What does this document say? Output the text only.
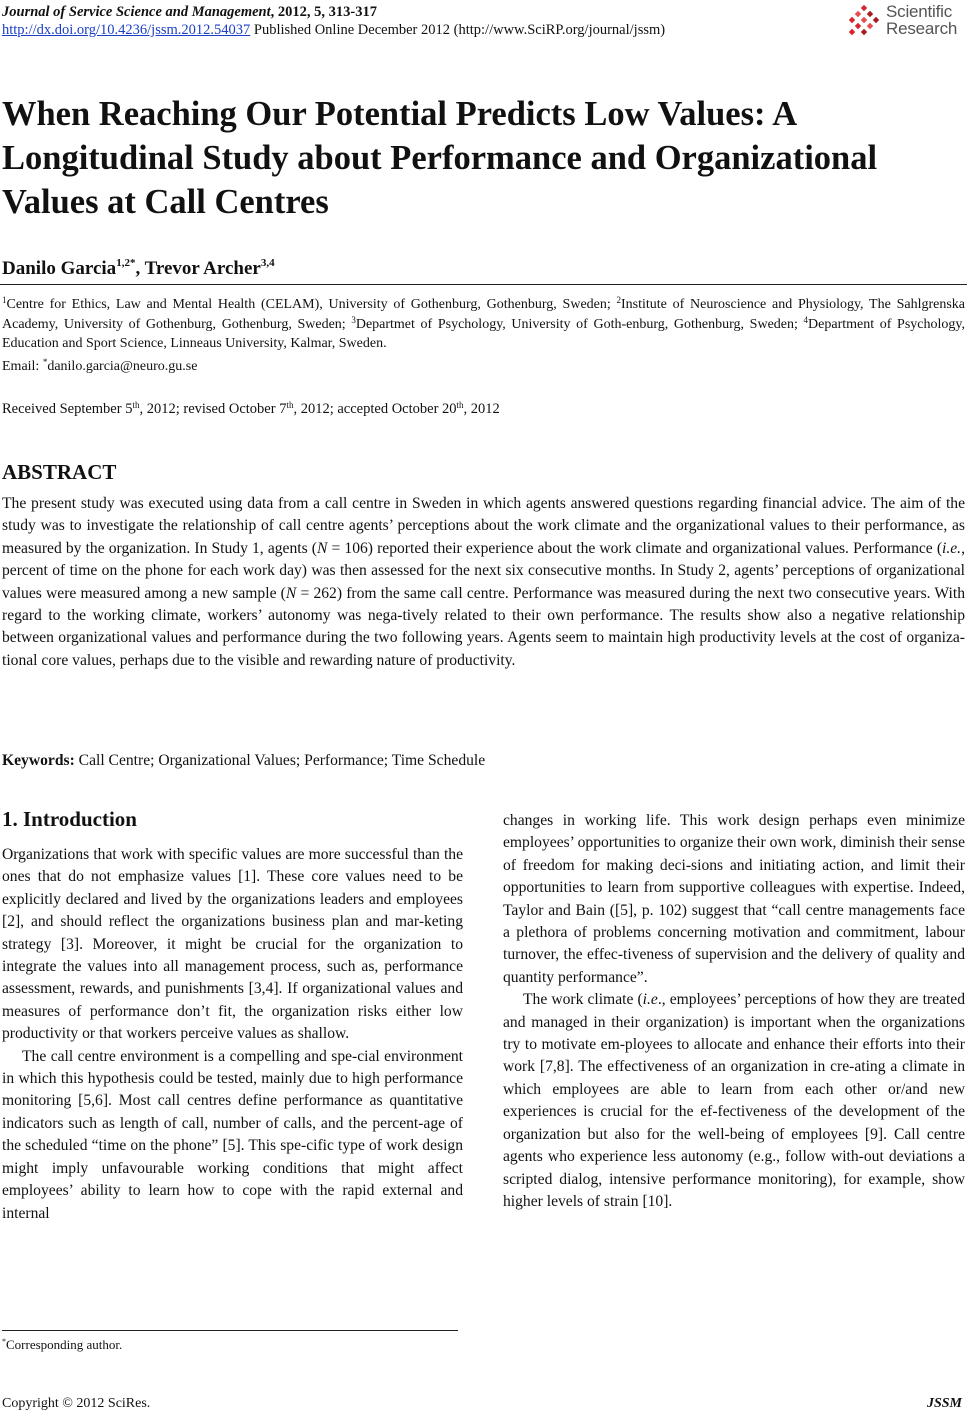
Journal of Service Science and Management, 2012, 5, 313-317
http://dx.doi.org/10.4236/jssm.2012.54037 Published Online December 2012 (http://www.SciRP.org/journal/jssm)
Scientific
Research
When Reaching Our Potential Predicts Low Values: A Longitudinal Study about Performance and Organizational Values at Call Centres
Danilo Garcia$^{1,2*}$, Trevor Archer$^{3,4}$
$^1$Centre for Ethics, Law and Mental Health (CELAM), University of Gothenburg, Gothenburg, Sweden; $^2$Institute of Neuroscience and Physiology, The Sahlgrenska Academy, University of Gothenburg, Gothenburg, Sweden; $^3$Departmet of Psychology, University of Goth-enburg, Gothenburg, Sweden; $^4$Department of Psychology, Education and Sport Science, Linneaus University, Kalmar, Sweden.
Email: *danilo.garcia@neuro.gu.se
Received September 5th, 2012; revised October 7th, 2012; accepted October 20th, 2012
ABSTRACT
The present study was executed using data from a call centre in Sweden in which agents answered questions regarding financial advice. The aim of the study was to investigate the relationship of call centre agents’ perceptions about the work climate and the organizational values to their performance, as measured by the organization. In Study 1, agents (N = 106) reported their experience about the work climate and organizational values. Performance (i.e., percent of time on the phone for each work day) was then assessed for the next six consecutive months. In Study 2, agents’ perceptions of organizational values were measured among a new sample (N = 262) from the same call centre. Performance was measured during the next two consecutive years. With regard to the working climate, workers’ autonomy was nega-tively related to their own performance. The results show also a negative relationship between organizational values and performance during the two following years. Agents seem to maintain high productivity levels at the cost of organiza-tional core values, perhaps due to the visible and rewarding nature of productivity.
Keywords: Call Centre; Organizational Values; Performance; Time Schedule
1. Introduction

Organizations that work with specific values are more successful than the ones that do not emphasize values [1]. These core values need to be explicitly declared and lived by the organizations leaders and employees [2], and should reflect the organizations business plan and mar-keting strategy [3]. Moreover, it might be crucial for the organization to integrate the values into all management process, such as, performance assessment, rewards, and punishments [3,4]. If organizational values and measures of performance don’t fit, the organization risks either low productivity or that workers perceive values as shallow.

The call centre environment is a compelling and spe-cial environment in which this hypothesis could be tested, mainly due to high performance monitoring [5,6]. Most call centres define performance as quantitative indicators such as length of call, number of calls, and the percent-age of the scheduled “time on the phone” [5]. This spe-cific type of work design might imply unfavourable working conditions that might affect employees’ ability to learn how to cope with the rapid external and internal

changes in working life. This work design perhaps even minimize employees’ opportunities to organize their own work, diminish their sense of freedom for making deci-sions and initiating action, and limit their opportunities to learn from supportive colleagues with expertise. Indeed, Taylor and Bain ([5], p. 102) suggest that “call centre managements face a plethora of problems concerning motivation and commitment, labour turnover, the effec-tiveness of supervision and the delivery of quality and quantity performance”.

The work climate (i.e., employees’ perceptions of how they are treated and managed in their organization) is important when the organizations try to motivate em-ployees to allocate and enhance their efforts into their work [7,8]. The effectiveness of an organization in cre-ating a climate in which employees are able to learn from each other or/and new experiences is crucial for the ef-fectiveness of the development of the organization but also for the well-being of employees [9]. Call centre agents who experience less autonomy (e.g., follow with-out deviations a scripted dialog, intensive performance monitoring), for example, show higher levels of strain [10].

*Corresponding author.
Copyright © 2012 SciRes.	JSSM
